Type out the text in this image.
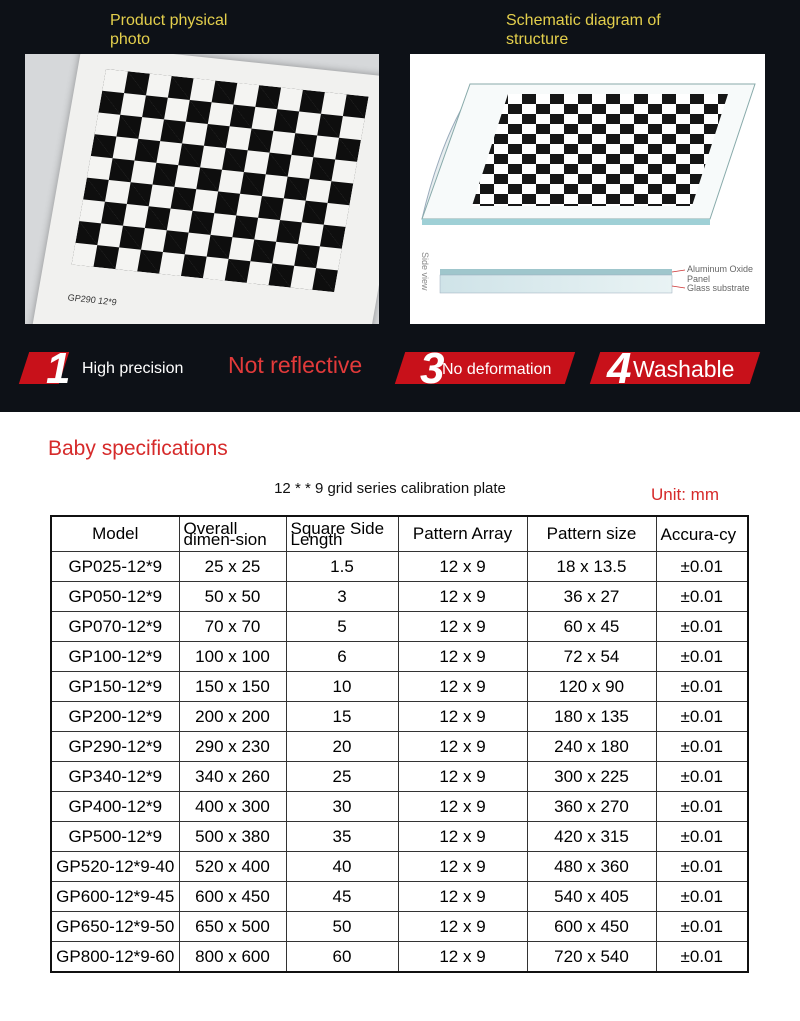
Product physical photo
Schematic diagram of structure
GP290 12*9
Aluminum Oxide Panel
Glass substrate
Side view
1 High precision Not reflective 3
No deformation 4 Washable
Baby specifications
12 * * 9 grid series calibration plate	Unit: mm
Model	Overall dimen-sion	Square Side Length	Pattern Array	Pattern size	Accura-cy
GP025-12*9	25 x 25	1.5	12 x 9	18 x 13.5	±0.01
GP050-12*9	50 x 50	3	12 x 9	36 x 27	±0.01
GP070-12*9	70 x 70	5	12 x 9	60 x 45	±0.01
GP100-12*9	100 x 100	6	12 x 9	72 x 54	±0.01
GP150-12*9	150 x 150	10	12 x 9	120 x 90	±0.01
GP200-12*9	200 x 200	15	12 x 9	180 x 135	±0.01
GP290-12*9	290 x 230	20	12 x 9	240 x 180	±0.01
GP340-12*9	340 x 260	25	12 x 9	300 x 225	±0.01
GP400-12*9	400 x 300	30	12 x 9	360 x 270	±0.01
GP500-12*9	500 x 380	35	12 x 9	420 x 315	±0.01
GP520-12*9-40	520 x 400	40	12 x 9	480 x 360	±0.01
GP600-12*9-45	600 x 450	45	12 x 9	540 x 405	±0.01
GP650-12*9-50	650 x 500	50	12 x 9	600 x 450	±0.01
GP800-12*9-60	800 x 600	60	12 x 9	720 x 540	±0.01
